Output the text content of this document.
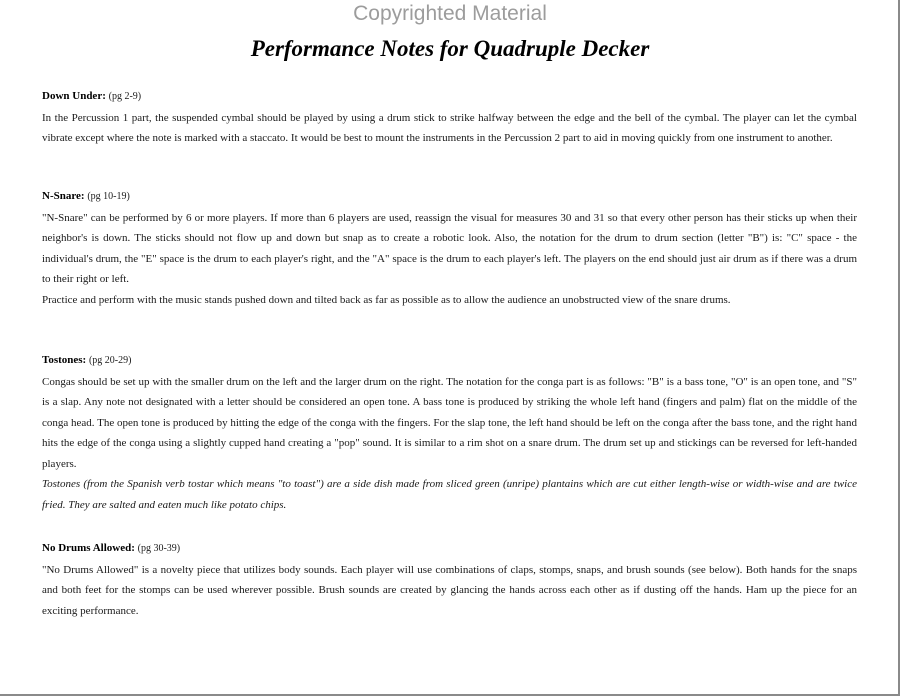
Copyrighted Material
Performance Notes for Quadruple Decker

Down Under: (pg 2-9)

In the Percussion 1 part, the suspended cymbal should be played by using a drum stick to strike halfway between the edge and the bell of the cymbal. The player can let the cymbal vibrate except where the note is marked with a staccato. It would be best to mount the instruments in the Percussion 2 part to aid in moving quickly from one instrument to another.

N-Snare: (pg 10-19)

"N-Snare" can be performed by 6 or more players. If more than 6 players are used, reassign the visual for measures 30 and 31 so that every other person has their sticks up when their neighbor's is down. The sticks should not flow up and down but snap as to create a robotic look. Also, the notation for the drum to drum section (letter "B") is: "C" space - the individual's drum, the "E" space is the drum to each player's right, and the "A" space is the drum to each player's left. The players on the end should just air drum as if there was a drum to their right or left.

Practice and perform with the music stands pushed down and tilted back as far as possible as to allow the audience an unobstructed view of the snare drums.

Tostones: (pg 20-29)

Congas should be set up with the smaller drum on the left and the larger drum on the right. The notation for the conga part is as follows: "B" is a bass tone, "O" is an open tone, and "S" is a slap. Any note not designated with a letter should be considered an open tone. A bass tone is produced by striking the whole left hand (fingers and palm) flat on the middle of the conga head. The open tone is produced by hitting the edge of the conga with the fingers. For the slap tone, the left hand should be left on the conga after the bass tone, and the right hand hits the edge of the conga using a slightly cupped hand creating a "pop" sound. It is similar to a rim shot on a snare drum. The drum set up and stickings can be reversed for left-handed players.

Tostones (from the Spanish verb tostar which means "to toast") are a side dish made from sliced green (unripe) plantains which are cut either length-wise or width-wise and are twice fried. They are salted and eaten much like potato chips.

No Drums Allowed: (pg 30-39)

"No Drums Allowed" is a novelty piece that utilizes body sounds. Each player will use combinations of claps, stomps, snaps, and brush sounds (see below). Both hands for the snaps and both feet for the stomps can be used wherever possible. Brush sounds are created by glancing the hands across each other as if dusting off the hands. Ham up the piece for an exciting performance.
